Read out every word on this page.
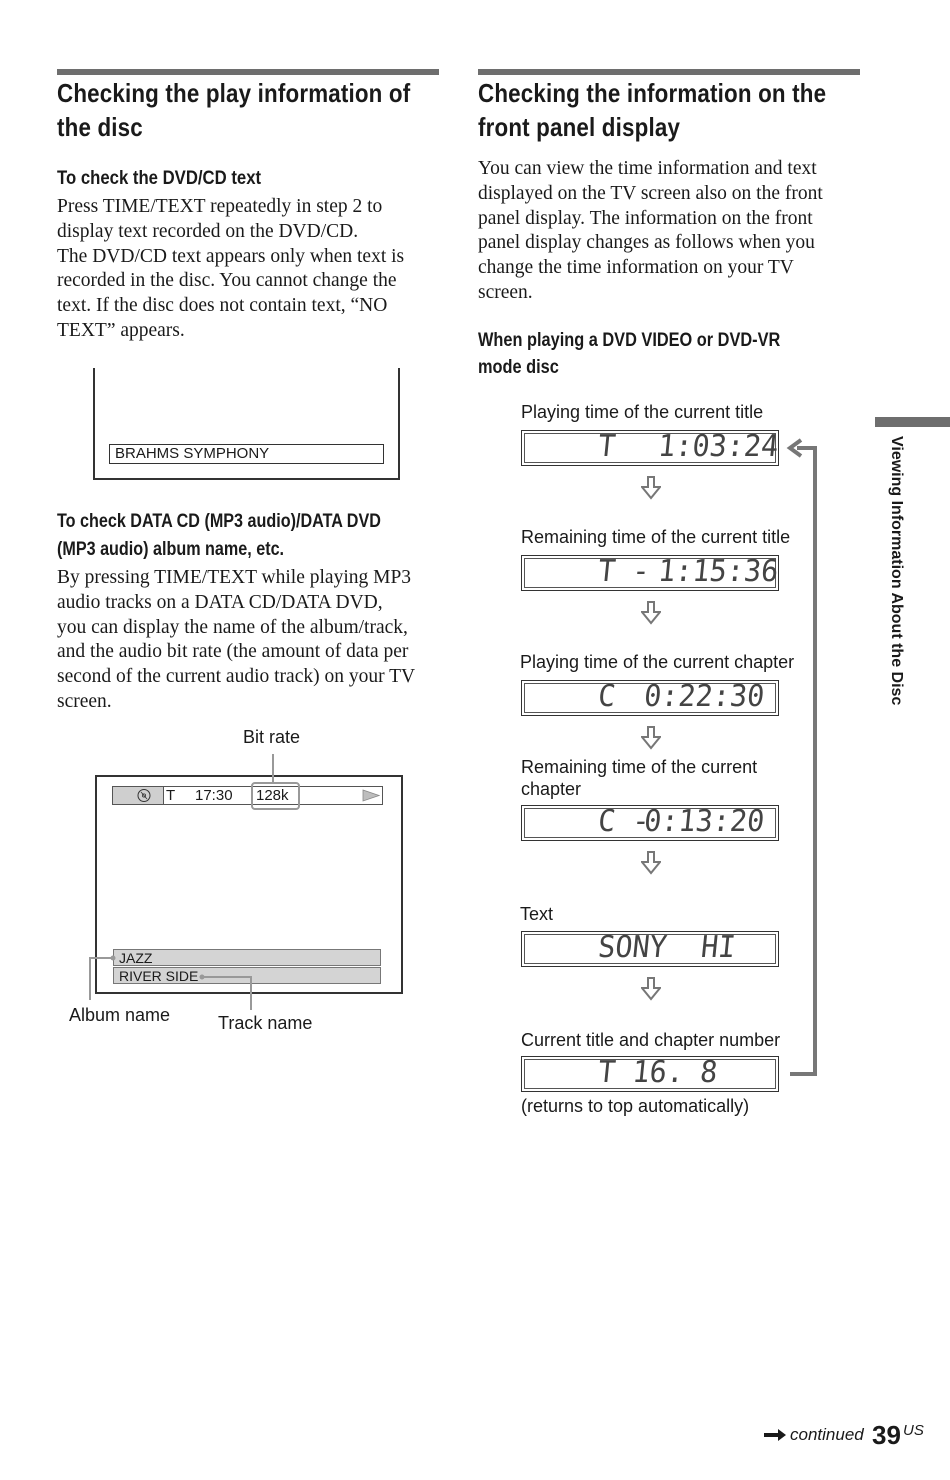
Checking the play information of
the disc
To check the DVD/CD text
Press TIME/TEXT repeatedly in step 2 to
display text recorded on the DVD/CD.
The DVD/CD text appears only when text is
recorded in the disc. You cannot change the
text. If the disc does not contain text, “NO
TEXT” appears.
BRAHMS SYMPHONY
To check DATA CD (MP3 audio)/DATA DVD
(MP3 audio) album name, etc.
By pressing TIME/TEXT while playing MP3
audio tracks on a DATA CD/DATA DVD,
you can display the name of the album/track,
and the audio bit rate (the amount of data per
second of the current audio track) on your TV
screen.
Bit rate
T 17:30 128k
JAZZ
RIVER SIDE
Album name	Track name
Checking the information on the
front panel display
You can view the time information and text
displayed on the TV screen also on the front
panel display. The information on the front
panel display changes as follows when you
change the time information on your TV
screen.
When playing a DVD VIDEO or DVD-VR
mode disc
Playing time of the current title
T 1:03:24
Remaining time of the current title
T - 1:15:36
Playing time of the current chapter
C 0:22:30
Remaining time of the current chapter
C -
0:13:20
Text
SONY  HI
Current title and chapter number
T 16. 8
(returns to top automatically)
Viewing Information About the Disc
continued 39 US
